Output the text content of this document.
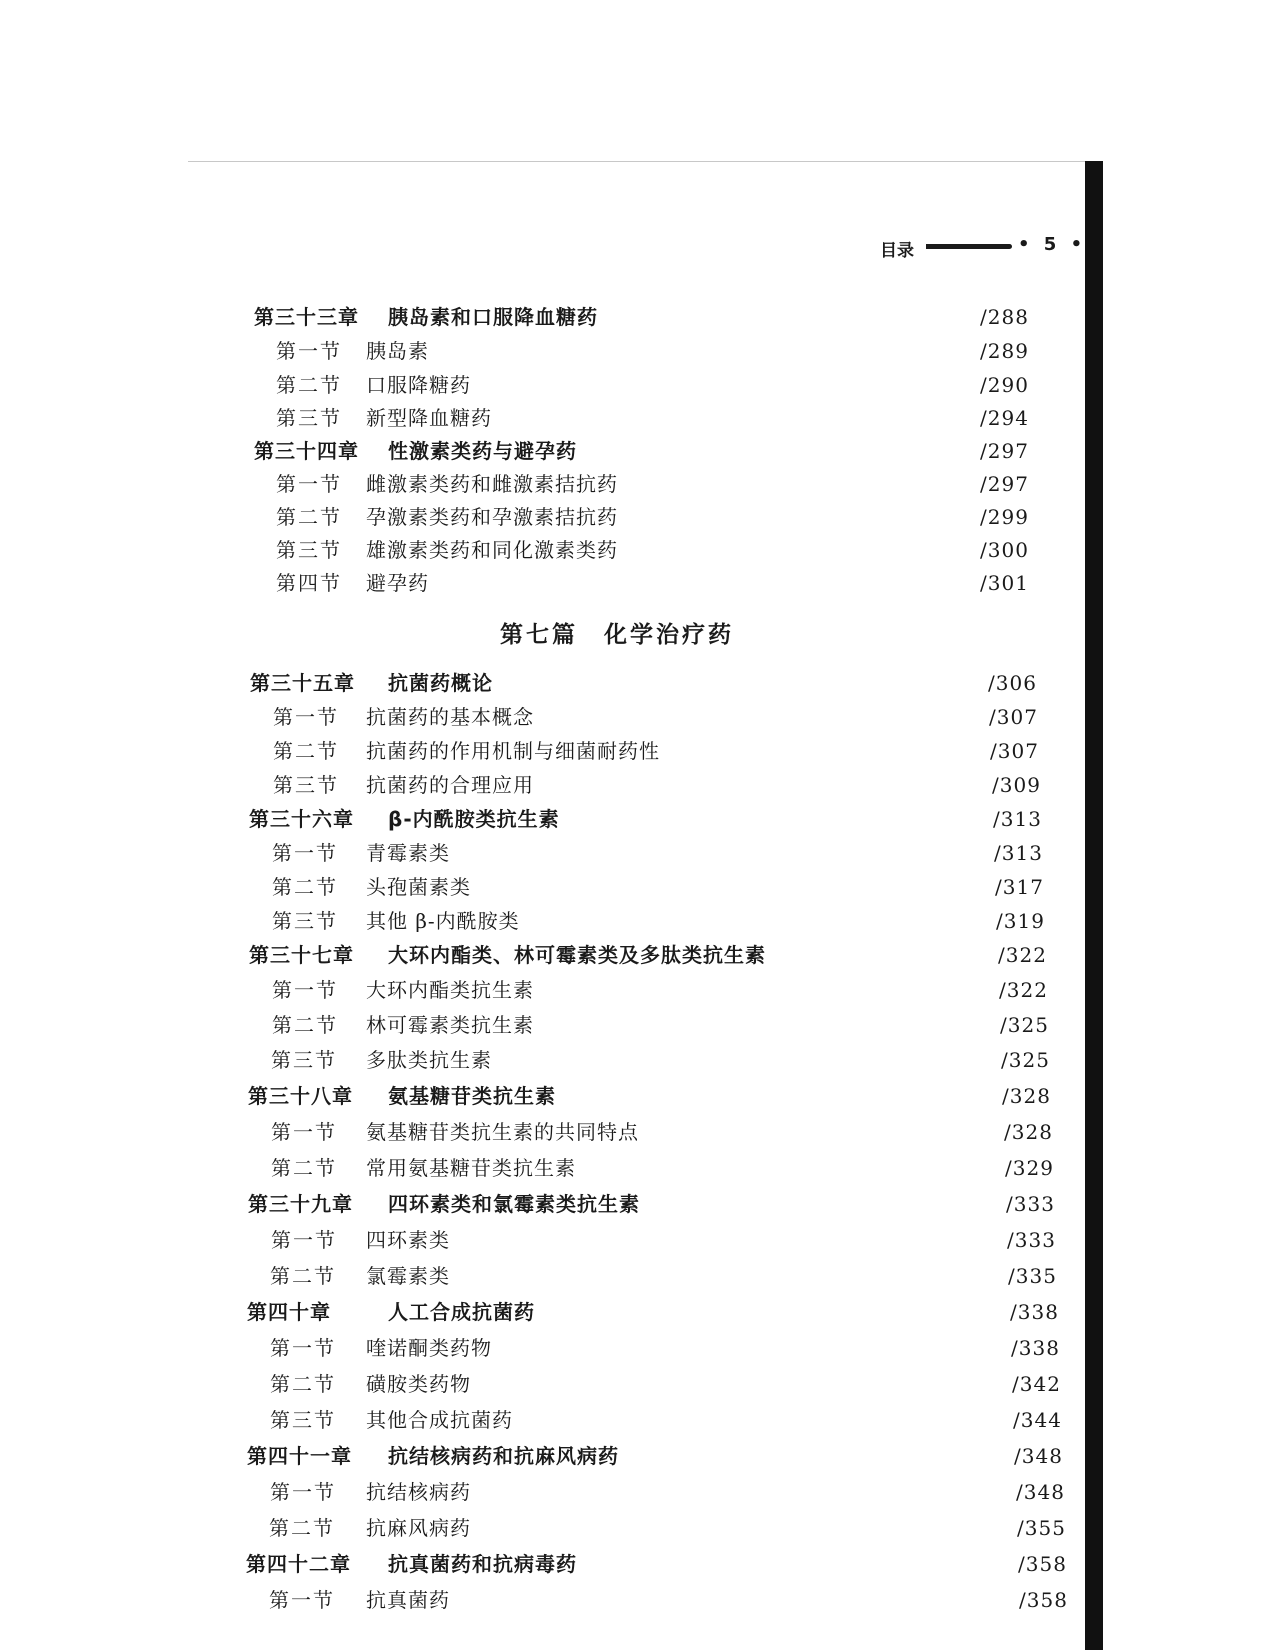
目录	• 5 •
第七篇　化学治疗药
第三十三章 胰岛素和口服降血糖药	/288
第一节 胰岛素	/289
第二节 口服降糖药	/290
第三节 新型降血糖药	/294
第三十四章 性激素类药与避孕药	/297
第一节 雌激素类药和雌激素拮抗药	/297
第二节 孕激素类药和孕激素拮抗药	/299
第三节 雄激素类药和同化激素类药	/300
第四节 避孕药	/301
第三十五章 抗菌药概论	/306
第一节 抗菌药的基本概念	/307
第二节 抗菌药的作用机制与细菌耐药性	/307
第三节 抗菌药的合理应用	/309
第三十六章 β-内酰胺类抗生素	/313
第一节 青霉素类	/313
第二节 头孢菌素类	/317
第三节 其他 β-内酰胺类	/319
第三十七章 大环内酯类、林可霉素类及多肽类抗生素	/322
第一节 大环内酯类抗生素	/322
第二节 林可霉素类抗生素	/325
第三节 多肽类抗生素	/325
第三十八章 氨基糖苷类抗生素	/328
第一节 氨基糖苷类抗生素的共同特点	/328
第二节 常用氨基糖苷类抗生素	/329
第三十九章 四环素类和氯霉素类抗生素	/333
第一节 四环素类	/333
第二节 氯霉素类	/335
第四十章	人工合成抗菌药	/338
第一节 喹诺酮类药物	/338
第二节 磺胺类药物	/342
第三节 其他合成抗菌药	/344
第四十一章 抗结核病药和抗麻风病药	/348
第一节 抗结核病药	/348
第二节 抗麻风病药	/355
第四十二章 抗真菌药和抗病毒药	/358
第一节 抗真菌药	/358
